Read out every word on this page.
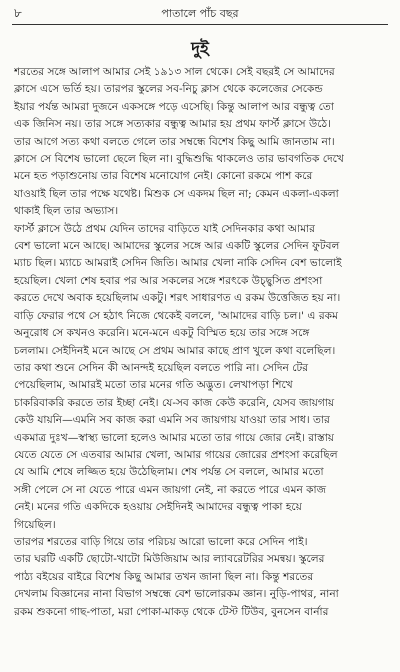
৮	পাতালে পাঁচ বছর
দুই
শরতের সঙ্গে আলাপ আমার সেই ১৯১৩ সাল থেকে। সেই বছরই সে আমাদের
ক্লাসে এসে ভর্তি হয়। তারপর স্কুলের সব-নিচু ক্লাস থেকে কলেজের সেকেন্ড
ইয়ার পর্যন্ত আমরা দুজনে একসঙ্গে পড়ে এসেছি। কিন্তু আলাপ আর বন্ধুত্ব তো
এক জিনিস নয়। তার সঙ্গে সত্যকার বন্ধুত্ব আমার হয় প্রথম ফার্স্ট ক্লাসে উঠে।
তার আগে সত্য কথা বলতে গেলে তার সম্বন্ধে বিশেষ কিছু আমি জানতাম না।
ক্লাসে সে বিশেষ ভালো ছেলে ছিল না। বুদ্ধিশুদ্ধি থাকলেও তার ভাবগতিক দেখে
মনে হত পড়াশুনোয় তার বিশেষ মনোযোগ নেই। কোনো রকমে পাশ করে
যাওয়াই ছিল তার পক্ষে যথেষ্ট। মিশুক সে একদম ছিল না; কেমন একলা-একলা
থাকাই ছিল তার অভ্যাস।
ফার্স্ট ক্লাসে উঠে প্রথম যেদিন তাদের বাড়িতে যাই সেদিনকার কথা আমার
বেশ ভালো মনে আছে। আমাদের স্কুলের সঙ্গে আর একটি স্কুলের সেদিন ফুটবল
ম্যাচ ছিল। ম্যাচে আমরাই সেদিন জিতি। আমার খেলা নাকি সেদিন বেশ ভালোই
হয়েছিল। খেলা শেষ হবার পর আর সকলের সঙ্গে শরৎকে উচ্ছ্বসিত প্রশংসা
করতে দেখে অবাক হয়েছিলাম একটু। শরৎ সাধারণত এ রকম উত্তেজিত হয় না।
বাড়ি ফেরার পথে সে হঠাৎ নিজে থেকেই বললে, 'আমাদের বাড়ি চল।' এ রকম
অনুরোধ সে কখনও করেনি। মনে-মনে একটু বিস্মিত হয়ে তার সঙ্গে সঙ্গে
চললাম। সেইদিনই মনে আছে সে প্রথম আমার কাছে প্রাণ খুলে কথা বলেছিল।
তার কথা শুনে সেদিন কী আনন্দই হয়েছিল বলতে পারি না। সেদিন টের
পেয়েছিলাম, আমারই মতো তার মনের গতি অদ্ভুত। লেখাপড়া শিখে
চাকরিবাকরি করতে তার ইচ্ছা নেই। যে-সব কাজ কেউ করেনি, যেসব জায়গায়
কেউ যায়নি—এমনি সব কাজ করা এমনি সব জায়গায় যাওয়া তার সাধ। তার
একমাত্র দুঃখ—স্বাস্থ্য ভালো হলেও আমার মতো তার গায়ে জোর নেই। রাস্তায়
যেতে যেতে সে এতবার আমার খেলা, আমার গায়ের জোরের প্রশংসা করেছিল
যে আমি শেষে লজ্জিত হয়ে উঠেছিলাম। শেষ পর্যন্ত সে বললে, আমার মতো
সঙ্গী পেলে সে না যেতে পারে এমন জায়গা নেই, না করতে পারে এমন কাজ
নেই। মনের গতি একদিকে হওয়ায় সেইদিনই আমাদের বন্ধুত্ব পাকা হয়ে
গিয়েছিল।
তারপর শরতের বাড়ি গিয়ে তার পরিচয় আরো ভালো করে সেদিন পাই।
তার ঘরটি একটি ছোটো-খাটো মিউজিয়াম আর ল্যাবরেটরির সমন্বয়। স্কুলের
পাঠ্য বইয়ের বাইরে বিশেষ কিছু আমার তখন জানা ছিল না। কিন্তু শরতের
দেখলাম বিজ্ঞানের নানা বিভাগ সম্বন্ধে বেশ ভালোরকম জ্ঞান। নুড়ি-পাথর, নানা
রকম শুকনো গাছ-পাতা, মরা পোকা-মাকড় থেকে টেস্ট টিউব, বুনসেন বার্নার
